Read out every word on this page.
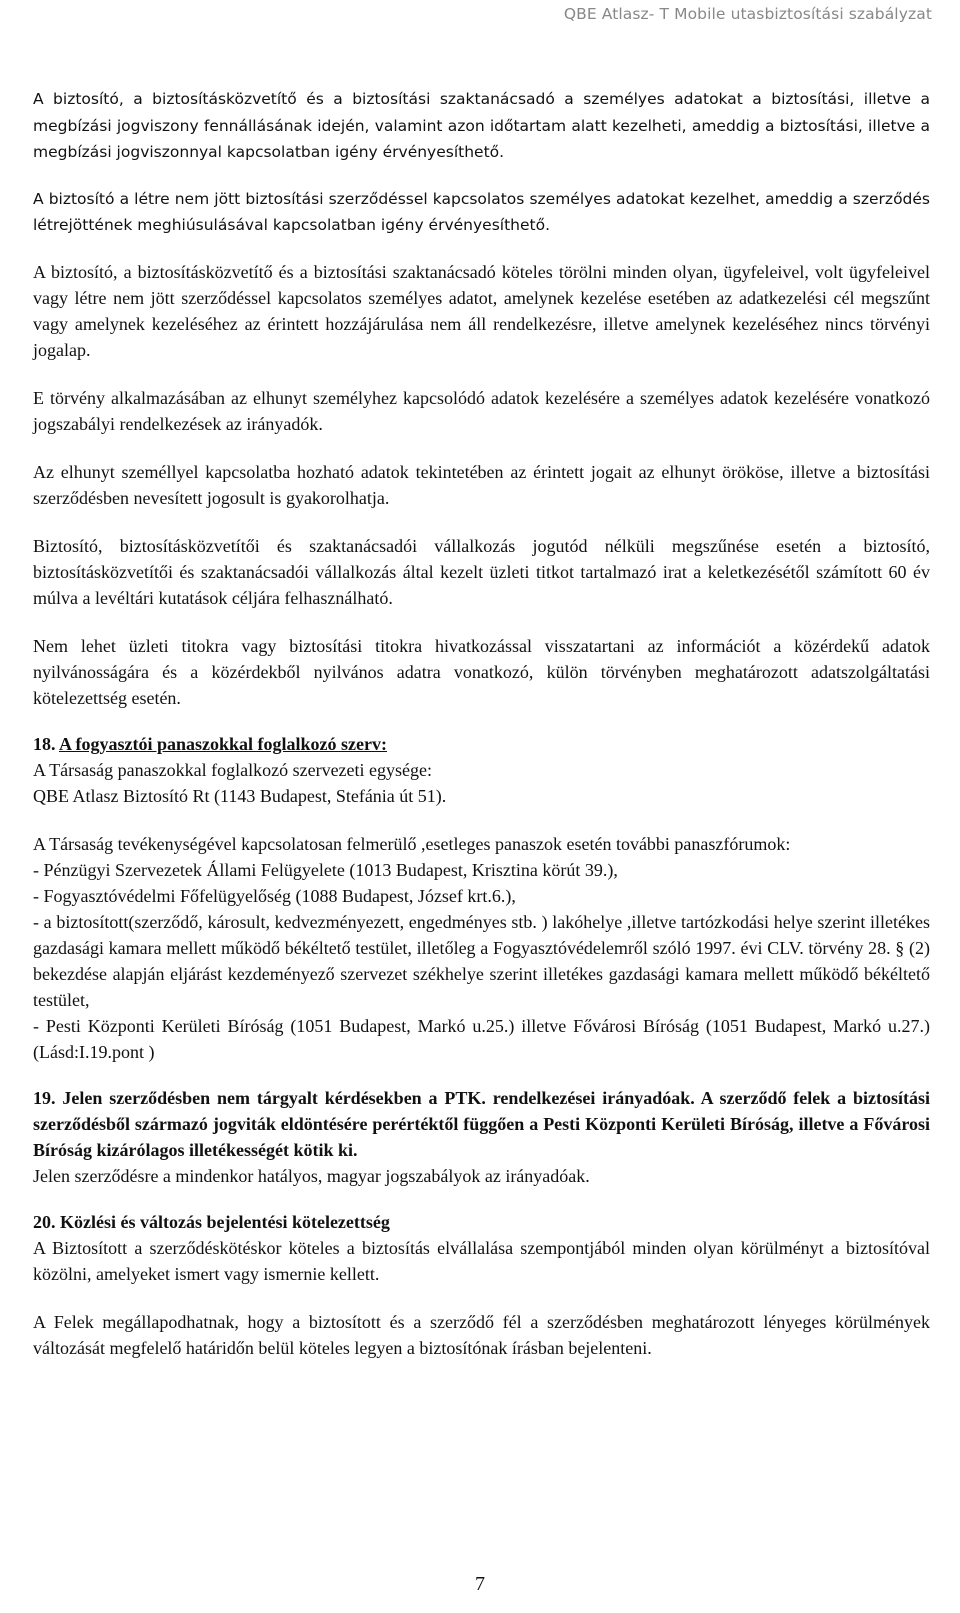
QBE Atlasz- T Mobile utasbiztosítási szabályzat

A biztosító, a biztosításközvetítő és a biztosítási szaktanácsadó a személyes adatokat a biztosítási, illetve a megbízási jogviszony fennállásának idején, valamint azon időtartam alatt kezelheti, ameddig a biztosítási, illetve a megbízási jogviszonnyal kapcsolatban igény érvényesíthető.

A biztosító a létre nem jött biztosítási szerződéssel kapcsolatos személyes adatokat kezelhet, ameddig a szerződés létrejöttének meghiúsulásával kapcsolatban igény érvényesíthető.

A biztosító, a biztosításközvetítő és a biztosítási szaktanácsadó köteles törölni minden olyan, ügyfeleivel, volt ügyfeleivel vagy létre nem jött szerződéssel kapcsolatos személyes adatot, amelynek kezelése esetében az adatkezelési cél megszűnt vagy amelynek kezeléséhez az érintett hozzájárulása nem áll rendelkezésre, illetve amelynek kezeléséhez nincs törvényi jogalap.

E törvény alkalmazásában az elhunyt személyhez kapcsolódó adatok kezelésére a személyes adatok kezelésére vonatkozó jogszabályi rendelkezések az irányadók.

Az elhunyt személlyel kapcsolatba hozható adatok tekintetében az érintett jogait az elhunyt örököse, illetve a biztosítási szerződésben nevesített jogosult is gyakorolhatja.

Biztosító, biztosításközvetítői és szaktanácsadói vállalkozás jogutód nélküli megszűnése esetén a biztosító, biztosításközvetítői és szaktanácsadói vállalkozás által kezelt üzleti titkot tartalmazó irat a keletkezésétől számított 60 év múlva a levéltári kutatások céljára felhasználható.

Nem lehet üzleti titokra vagy biztosítási titokra hivatkozással visszatartani az információt a közérdekű adatok nyilvánosságára és a közérdekből nyilvános adatra vonatkozó, külön törvényben meghatározott adatszolgáltatási kötelezettség esetén.

18. A fogyasztói panaszokkal foglalkozó szerv:

A Társaság panaszokkal foglalkozó szervezeti egysége:

QBE Atlasz Biztosító Rt (1143 Budapest, Stefánia út 51).

A Társaság tevékenységével kapcsolatosan felmerülő ,esetleges panaszok esetén további panaszfórumok:

- Pénzügyi Szervezetek Állami Felügyelete (1013 Budapest, Krisztina körút 39.),

- Fogyasztóvédelmi Főfelügyelőség (1088 Budapest, József krt.6.),

- a biztosított(szerződő, károsult, kedvezményezett, engedményes stb. ) lakóhelye ,illetve tartózkodási helye szerint illetékes gazdasági kamara mellett működő békéltető testület, illetőleg a Fogyasztóvédelemről szóló 1997. évi CLV. törvény 28. § (2) bekezdése alapján eljárást kezdeményező szervezet székhelye szerint illetékes gazdasági kamara mellett működő békéltető testület,

- Pesti Központi Kerületi Bíróság (1051 Budapest, Markó u.25.) illetve Fővárosi Bíróság (1051 Budapest, Markó u.27.) (Lásd:I.19.pont )

19. Jelen szerződésben nem tárgyalt kérdésekben a PTK. rendelkezései irányadóak. A szerződő felek a biztosítási szerződésből származó jogviták eldöntésére perértéktől függően a Pesti Központi Kerületi Bíróság, illetve a Fővárosi Bíróság kizárólagos illetékességét kötik ki.

Jelen szerződésre a mindenkor hatályos, magyar jogszabályok az irányadóak.

20. Közlési és változás bejelentési kötelezettség

A Biztosított a szerződéskötéskor köteles a biztosítás elvállalása szempontjából minden olyan körülményt a biztosítóval közölni, amelyeket ismert vagy ismernie kellett.

A Felek megállapodhatnak, hogy a biztosított és a szerződő fél a szerződésben meghatározott lényeges körülmények változását megfelelő határidőn belül köteles legyen a biztosítónak írásban bejelenteni.

7
